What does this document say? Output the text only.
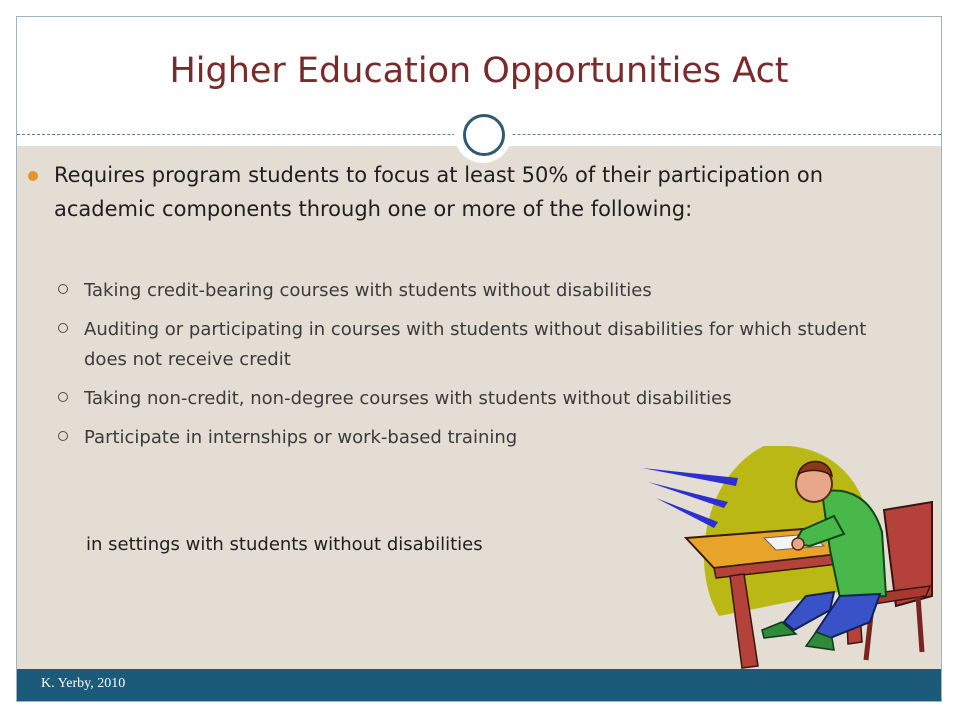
Higher Education Opportunities Act
K. Yerby, 2010
Requires program students to focus at least 50% of their participation on academic components through one or more of the following:
Taking credit-bearing courses with students without disabilities
Auditing or participating in courses with students without disabilities for which student does not receive credit
Taking non-credit, non-degree courses with students without disabilities
Participate in internships or work-based training
in settings with students without disabilities
